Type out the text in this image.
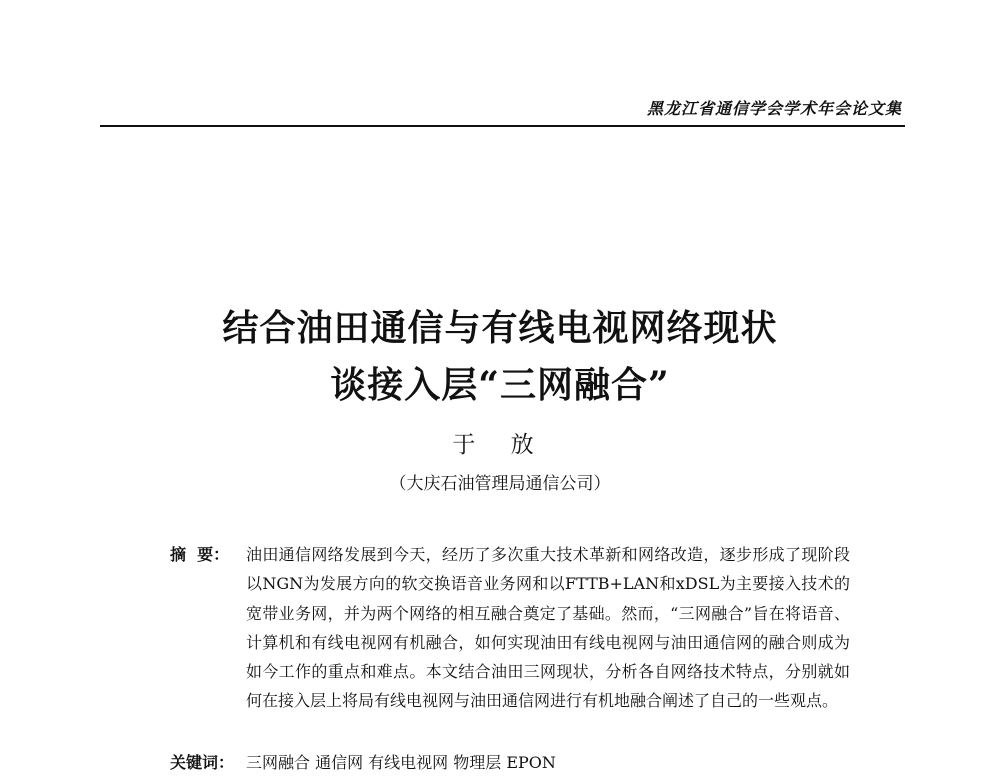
黑龙江省通信学会学术年会论文集
结合油田通信与有线电视网络现状
谈接入层“三网融合”
于 放
（大庆石油管理局通信公司）
摘  要：	油田通信网络发展到今天，经历了多次重大技术革新和网络改造，逐步形成了现阶段以NGN为发展方向的软交换语音业务网和以FTTB+LAN和xDSL为主要接入技术的宽带业务网，并为两个网络的相互融合奠定了基础。然而，“三网融合”旨在将语音、计算机和有线电视网有机融合，如何实现油田有线电视网与油田通信网的融合则成为如今工作的重点和难点。本文结合油田三网现状，分析各自网络技术特点，分别就如何在接入层上将局有线电视网与油田通信网进行有机地融合阐述了自己的一些观点。
关键词： 三网融合 通信网 有线电视网 物理层 EPON
